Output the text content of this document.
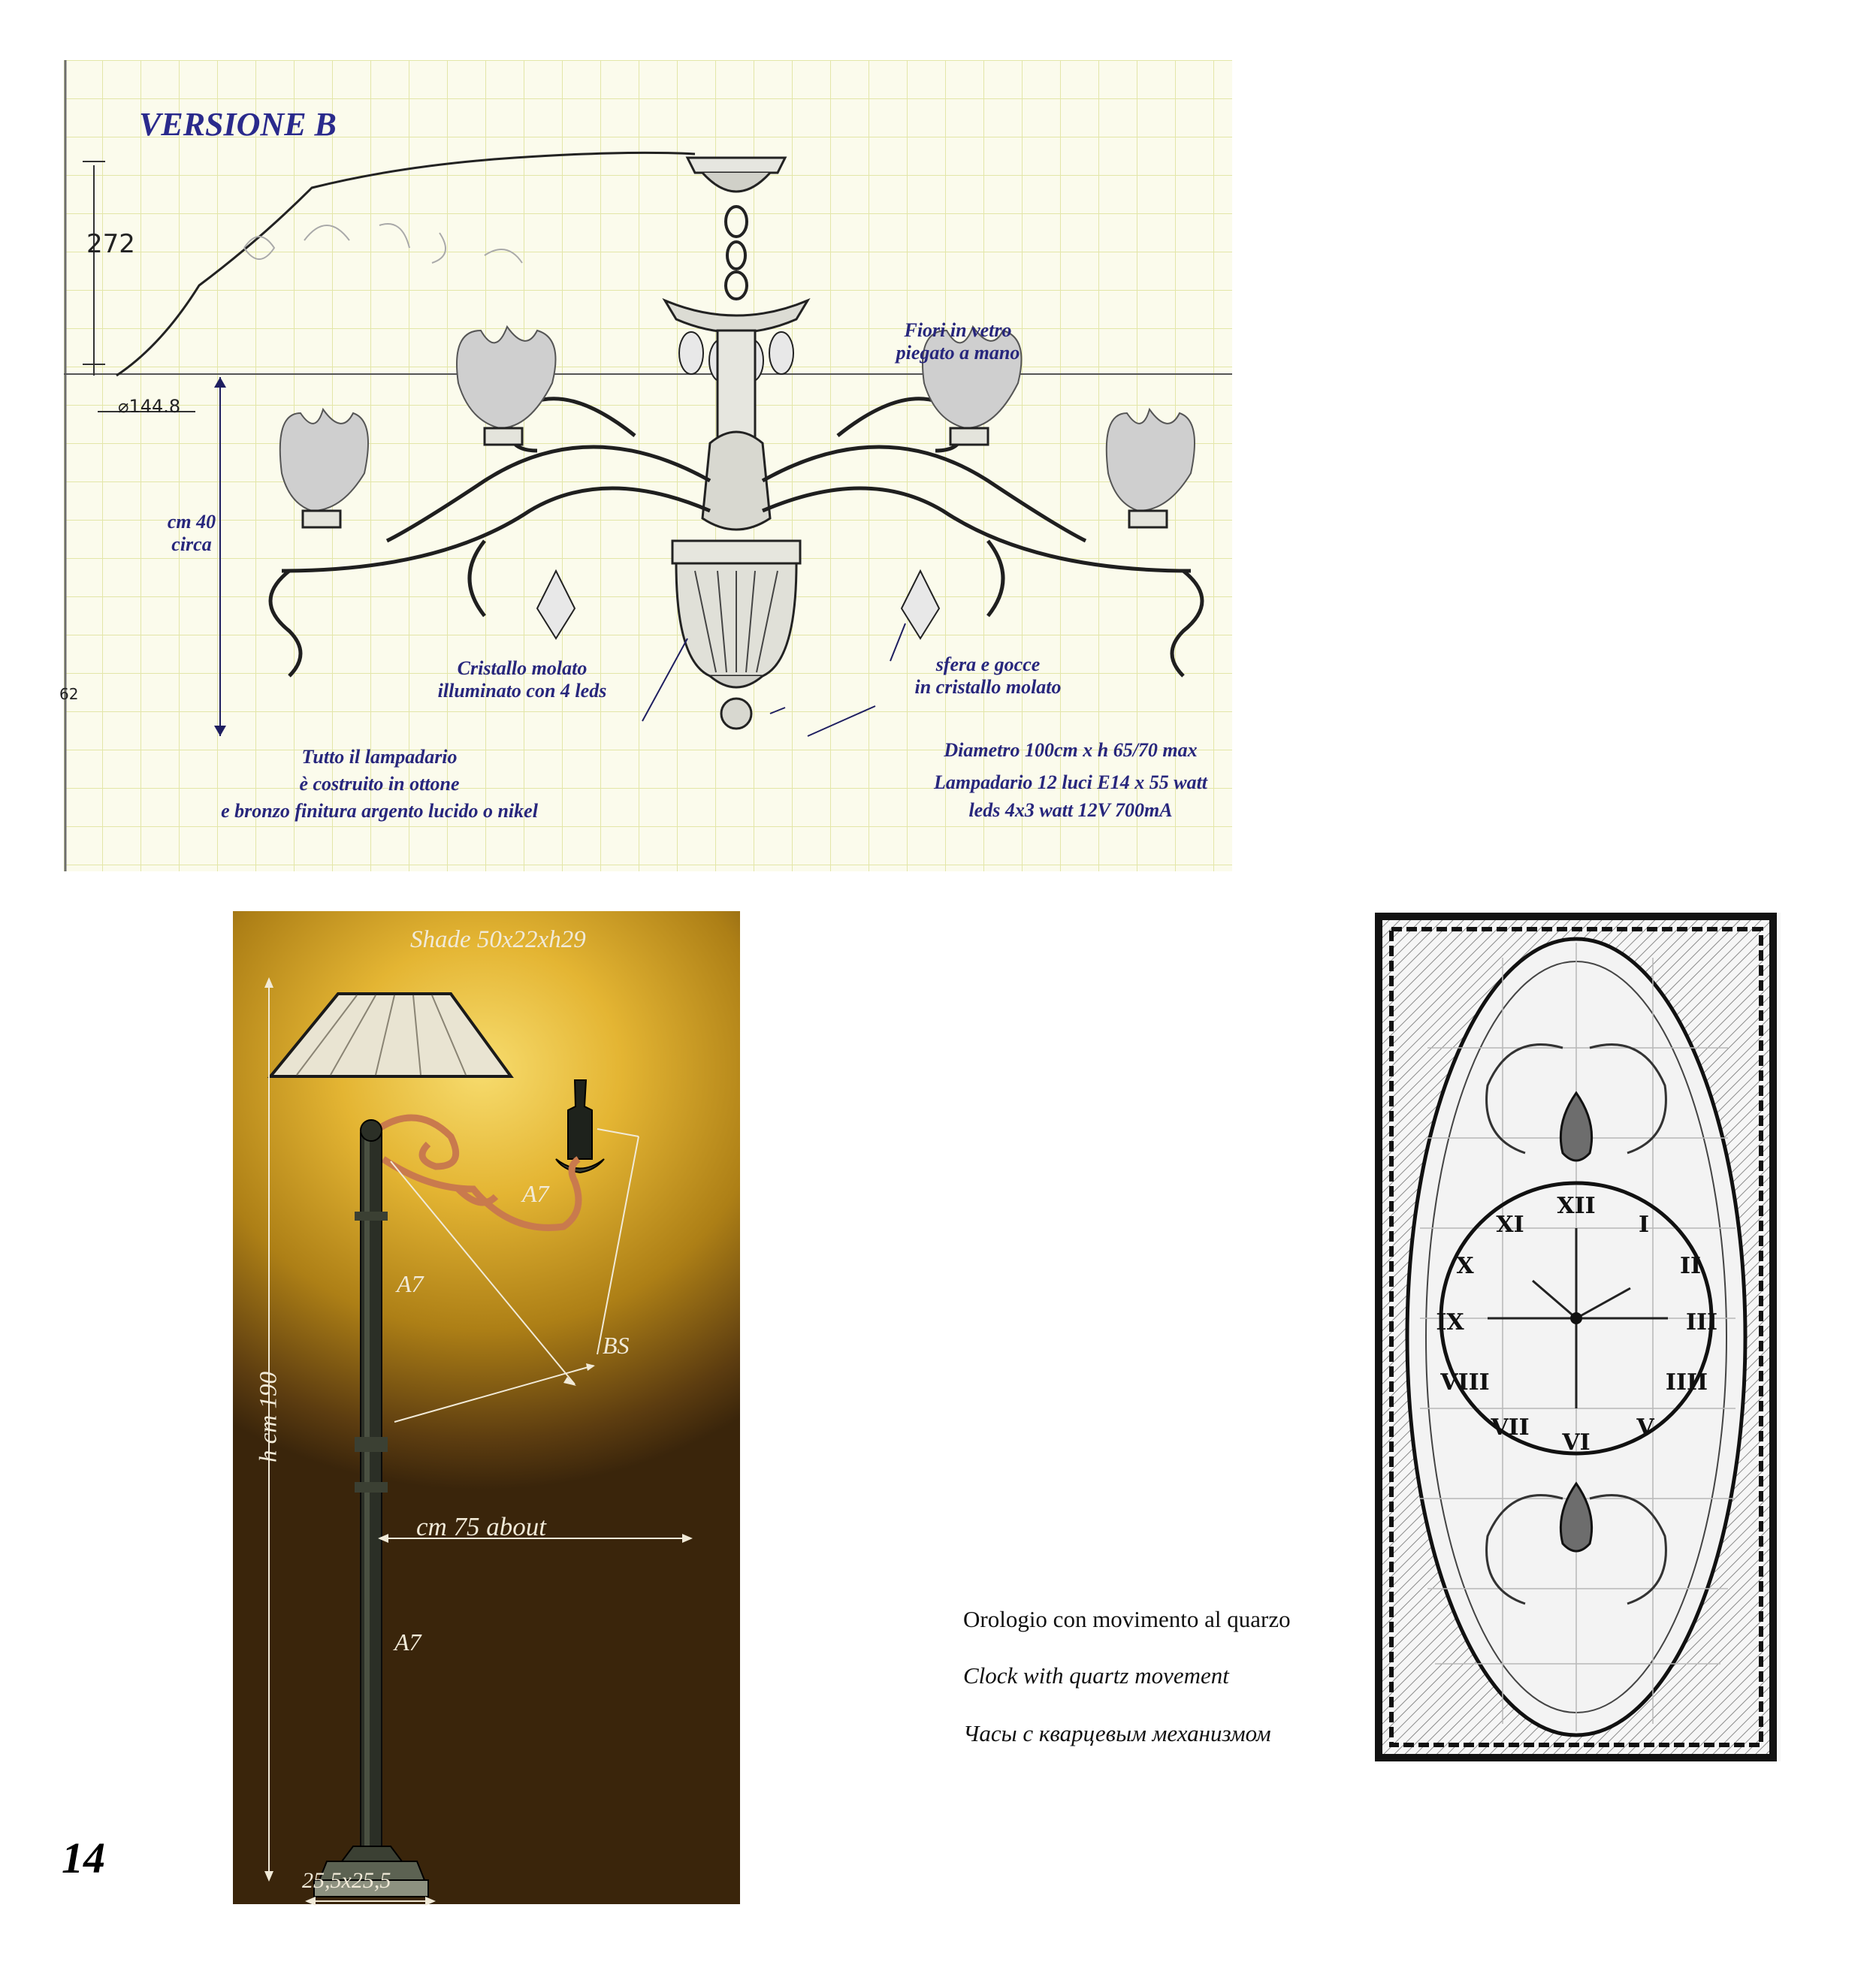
VERSIONE B
272
⌀144.8
62
cm 40
circa
Fiori in vetro
piegato a mano
Cristallo molato
illuminato con 4 leds
sfera e gocce
in cristallo molato
Tutto il lampadario
è costruito in ottone
e bronzo finitura argento lucido o nikel
Diametro 100cm x h 65/70 max
Lampadario 12 luci E14 x 55 watt
leds 4x3 watt 12V 700mA
Shade 50x22xh29
A7
A7
BS
cm 75 about
A7
h cm 190
25,5x25,5
Orologio con movimento al quarzo
Clock with quartz movement
Часы с кварцевым механизмом
XII
I
II
III
IIII
V
VI
VII
VIII
IX
X
XI
14
